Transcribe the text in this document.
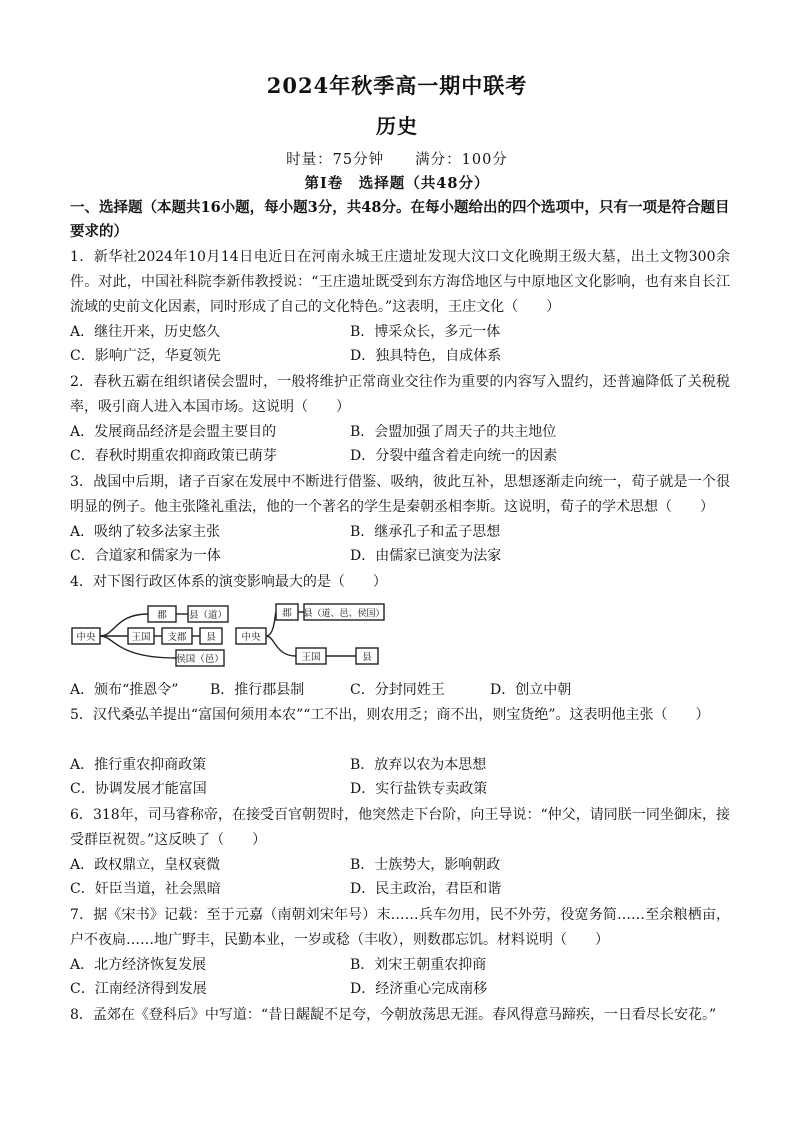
2024年秋季高一期中联考
历史
时量：75分钟　　满分：100分
第Ⅰ卷　选择题（共48分）
一、选择题（本题共16小题，每小题3分，共48分。在每小题给出的四个选项中，只有一项是符合题目要求的）
1．新华社2024年10月14日电近日在河南永城王庄遗址发现大汶口文化晚期王级大墓，出土文物300余件。对此，中国社科院李新伟教授说：“王庄遗址既受到东方海岱地区与中原地区文化影响，也有来自长江流域的史前文化因素，同时形成了自己的文化特色。”这表明，王庄文化（　　）
A．继往开来，历史悠久	B．博采众长，多元一体
C．影响广泛，华夏领先	D．独具特色，自成体系
2．春秋五霸在组织诸侯会盟时，一般将维护正常商业交往作为重要的内容写入盟约，还普遍降低了关税税率，吸引商人进入本国市场。这说明（　　）
A．发展商品经济是会盟主要目的	B．会盟加强了周天子的共主地位
C．春秋时期重农抑商政策已萌芽	D．分裂中蕴含着走向统一的因素
3．战国中后期，诸子百家在发展中不断进行借鉴、吸纳，彼此互补，思想逐渐走向统一，荀子就是一个很明显的例子。他主张隆礼重法，他的一个著名的学生是秦朝丞相李斯。这说明，荀子的学术思想（　　）
A．吸纳了较多法家主张	B．继承孔子和孟子思想
C．合道家和儒家为一体	D．由儒家已演变为法家
4．对下图行政区体系的演变影响最大的是（　　）
中央
郡 县（道）
王国 支郡 县
侯国（邑）
中央
郡 县（道、邑、侯国）
王国	县
A．颁布“推恩令” B．推行郡县制	C．分封同姓王	D．创立中朝
5．汉代桑弘羊提出“富国何须用本农”“工不出，则农用乏；商不出，则宝货绝”。这表明他主张（　　）
A．推行重农抑商政策	B．放弃以农为本思想
C．协调发展才能富国	D．实行盐铁专卖政策
6．318年，司马睿称帝，在接受百官朝贺时，他突然走下台阶，向王导说：“仲父，请同朕一同坐御床，接受群臣祝贺。”这反映了（　　）
A．政权鼎立，皇权衰微	B．士族势大，影响朝政
C．奸臣当道，社会黑暗	D．民主政治，君臣和谐
7．据《宋书》记载：至于元嘉（南朝刘宋年号）末……兵车勿用，民不外劳，役宽务简……至余粮栖亩，户不夜扃……地广野丰，民勤本业，一岁或稔（丰收），则数郡忘饥。材料说明（　　）
A．北方经济恢复发展	B．刘宋王朝重农抑商
C．江南经济得到发展	D．经济重心完成南移
8．孟郊在《登科后》中写道：“昔日龌龊不足夸，今朝放荡思无涯。春风得意马蹄疾，一日看尽长安花。”
